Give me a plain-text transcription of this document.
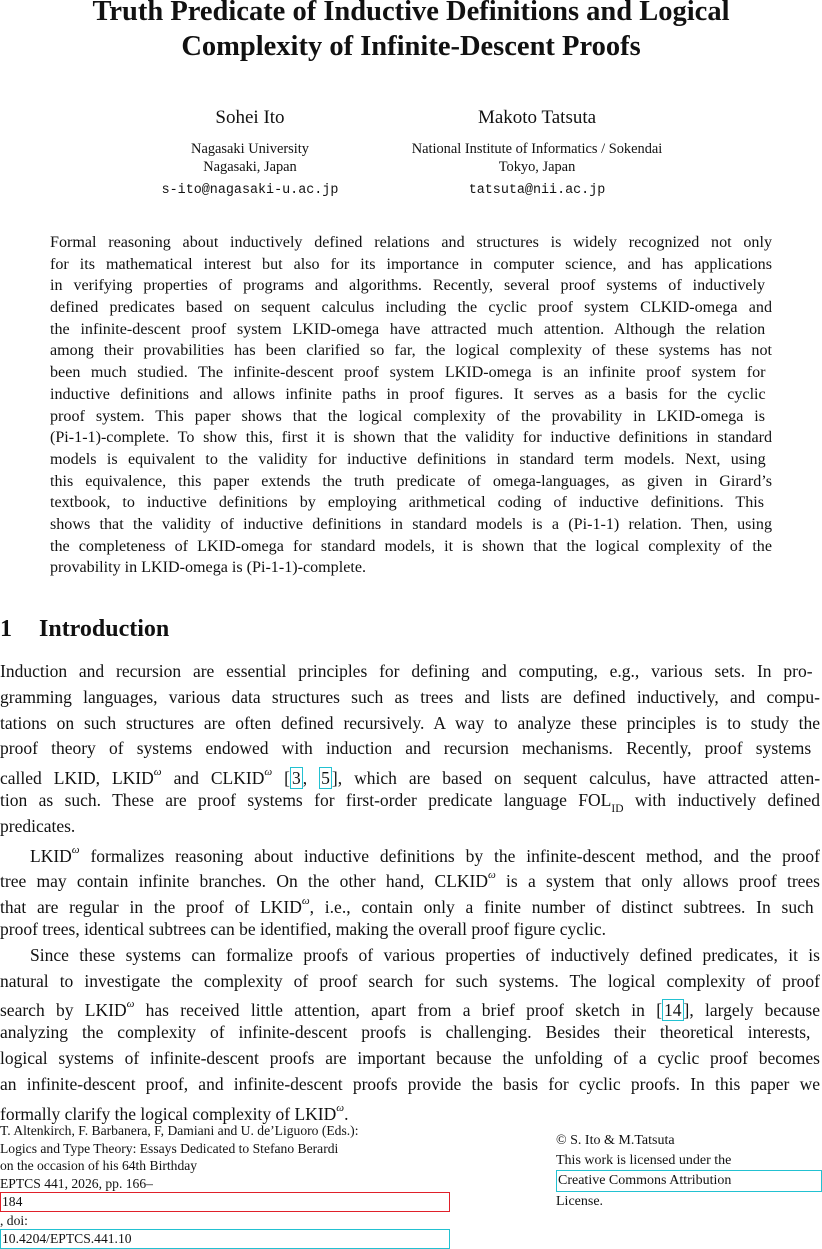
Truth Predicate of Inductive Definitions and Logical
Complexity of Infinite-Descent Proofs
Sohei Ito
Nagasaki University
Nagasaki, Japan
s-ito@nagasaki-u.ac.jp
Makoto Tatsuta
National Institute of Informatics / Sokendai
Tokyo, Japan
tatsuta@nii.ac.jp
Formal reasoning about inductively defined relations and structures is widely recognized not only
for its mathematical interest but also for its importance in computer science, and has applications
in verifying properties of programs and algorithms. Recently, several proof systems of inductively
defined predicates based on sequent calculus including the cyclic proof system CLKID-omega and
the infinite-descent proof system LKID-omega have attracted much attention. Although the relation
among their provabilities has been clarified so far, the logical complexity of these systems has not
been much studied. The infinite-descent proof system LKID-omega is an infinite proof system for
inductive definitions and allows infinite paths in proof figures. It serves as a basis for the cyclic
proof system. This paper shows that the logical complexity of the provability in LKID-omega is
(Pi-1-1)-complete. To show this, first it is shown that the validity for inductive definitions in standard
models is equivalent to the validity for inductive definitions in standard term models. Next, using
this equivalence, this paper extends the truth predicate of omega-languages, as given in Girard’s
textbook, to inductive definitions by employing arithmetical coding of inductive definitions. This
shows that the validity of inductive definitions in standard models is a (Pi-1-1) relation. Then, using
the completeness of LKID-omega for standard models, it is shown that the logical complexity of the
provability in LKID-omega is (Pi-1-1)-complete.
1 Introduction
Induction and recursion are essential principles for defining and computing, e.g., various sets. In pro-
gramming languages, various data structures such as trees and lists are defined inductively, and compu-
tations on such structures are often defined recursively. A way to analyze these principles is to study the
proof theory of systems endowed with induction and recursion mechanisms. Recently, proof systems
called LKID, $LKID^\omega$ and $CLKID^\omega$ [ 3 , 5 ], which are based on sequent calculus, have attracted atten-
tion as such. These are proof systems for first-order predicate language $FOL_{ID}$ with inductively defined
predicates.
$LKID^\omega$ formalizes reasoning about inductive definitions by the infinite-descent method, and the proof
tree may contain infinite branches. On the other hand, $CLKID^\omega$ is a system that only allows proof trees
that are regular in the proof of $LKID^\omega$, i.e., contain only a finite number of distinct subtrees. In such
proof trees, identical subtrees can be identified, making the overall proof figure cyclic.
Since these systems can formalize proofs of various properties of inductively defined predicates, it is
natural to investigate the complexity of proof search for such systems. The logical complexity of proof
search by $LKID^\omega$ has received little attention, apart from a brief proof sketch in [ 14 ], largely because
analyzing the complexity of infinite-descent proofs is challenging. Besides their theoretical interests,
logical systems of infinite-descent proofs are important because the unfolding of a cyclic proof becomes
an infinite-descent proof, and infinite-descent proofs provide the basis for cyclic proofs. In this paper we
formally clarify the logical complexity of $LKID^\omega$.
T. Altenkirch, F. Barbanera, F, Damiani and U. de’Liguoro (Eds.):
Logics and Type Theory: Essays Dedicated to Stefano Berardi
on the occasion of his 64th Birthday
EPTCS 441, 2026, pp. 166–
184
, doi:
10.4204/EPTCS.441.10
© S. Ito & M.Tatsuta
This work is licensed under the
Creative Commons Attribution
License.
